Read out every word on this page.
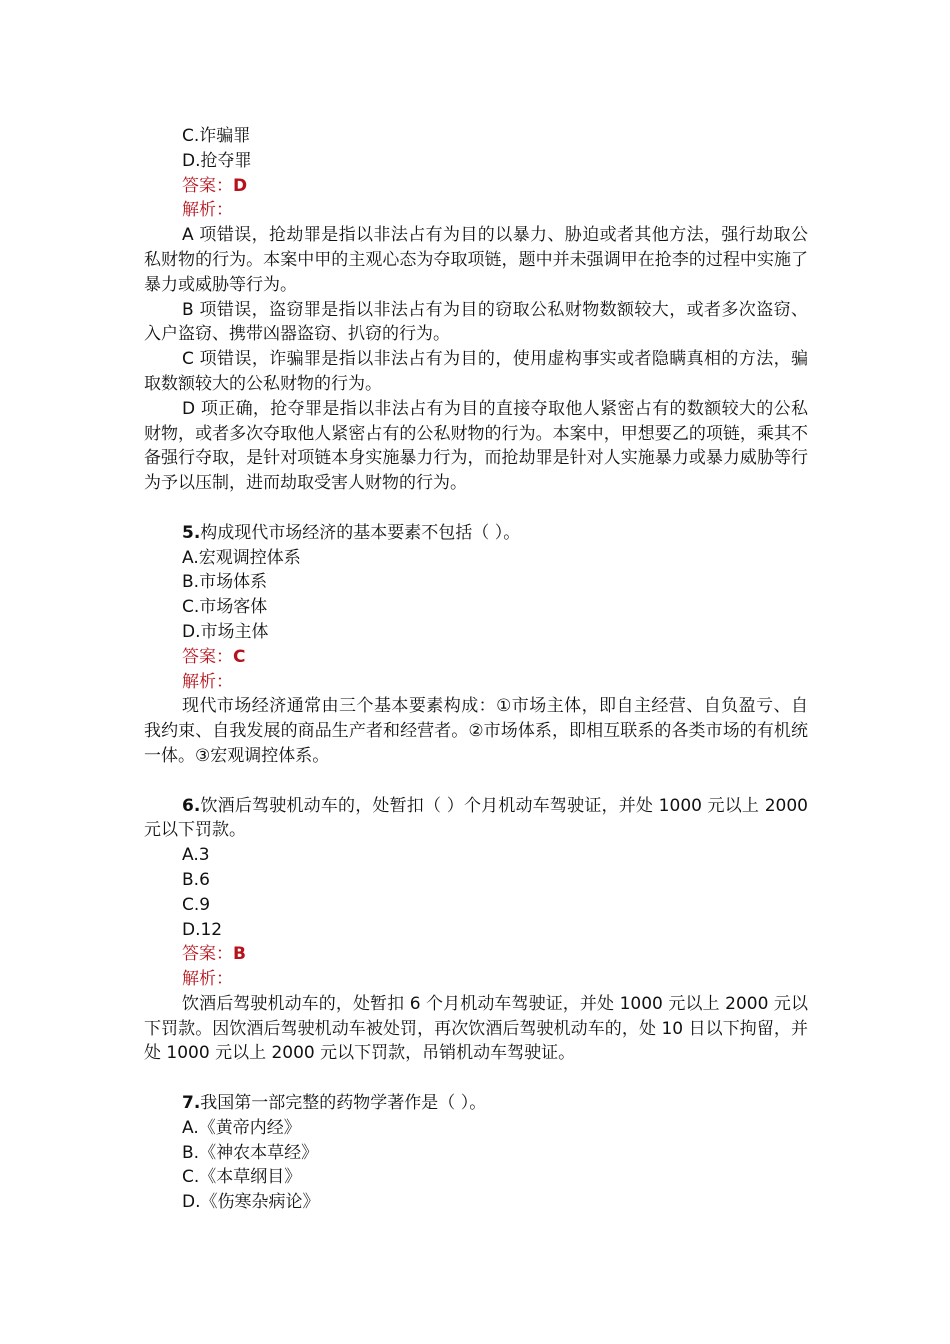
C.诈骗罪
D.抢夺罪
答案：D
解析：
A 项错误，抢劫罪是指以非法占有为目的以暴力、胁迫或者其他方法，强行劫取公私财物的行为。本案中甲的主观心态为夺取项链，题中并未强调甲在抢李的过程中实施了暴力或威胁等行为。
B 项错误，盗窃罪是指以非法占有为目的窃取公私财物数额较大，或者多次盗窃、入户盗窃、携带凶器盗窃、扒窃的行为。
C 项错误，诈骗罪是指以非法占有为目的，使用虚构事实或者隐瞒真相的方法，骗取数额较大的公私财物的行为。
D 项正确，抢夺罪是指以非法占有为目的直接夺取他人紧密占有的数额较大的公私财物，或者多次夺取他人紧密占有的公私财物的行为。本案中，甲想要乙的项链，乘其不备强行夺取，是针对项链本身实施暴力行为，而抢劫罪是针对人实施暴力或暴力威胁等行为予以压制，进而劫取受害人财物的行为。
5.构成现代市场经济的基本要素不包括（ ）。
A.宏观调控体系
B.市场体系
C.市场客体
D.市场主体
答案：C
解析：
现代市场经济通常由三个基本要素构成：①市场主体，即自主经营、自负盈亏、自我约束、自我发展的商品生产者和经营者。②市场体系，即相互联系的各类市场的有机统一体。③宏观调控体系。
6.饮酒后驾驶机动车的，处暂扣（ ）个月机动车驾驶证，并处 1000 元以上 2000 元以下罚款。
A.3
B.6
C.9
D.12
答案：B
解析：
饮酒后驾驶机动车的，处暂扣 6 个月机动车驾驶证，并处 1000 元以上 2000 元以下罚款。因饮酒后驾驶机动车被处罚，再次饮酒后驾驶机动车的，处 10 日以下拘留，并处 1000 元以上 2000 元以下罚款，吊销机动车驾驶证。
7.我国第一部完整的药物学著作是（ ）。
A.《黄帝内经》
B.《神农本草经》
C.《本草纲目》
D.《伤寒杂病论》
